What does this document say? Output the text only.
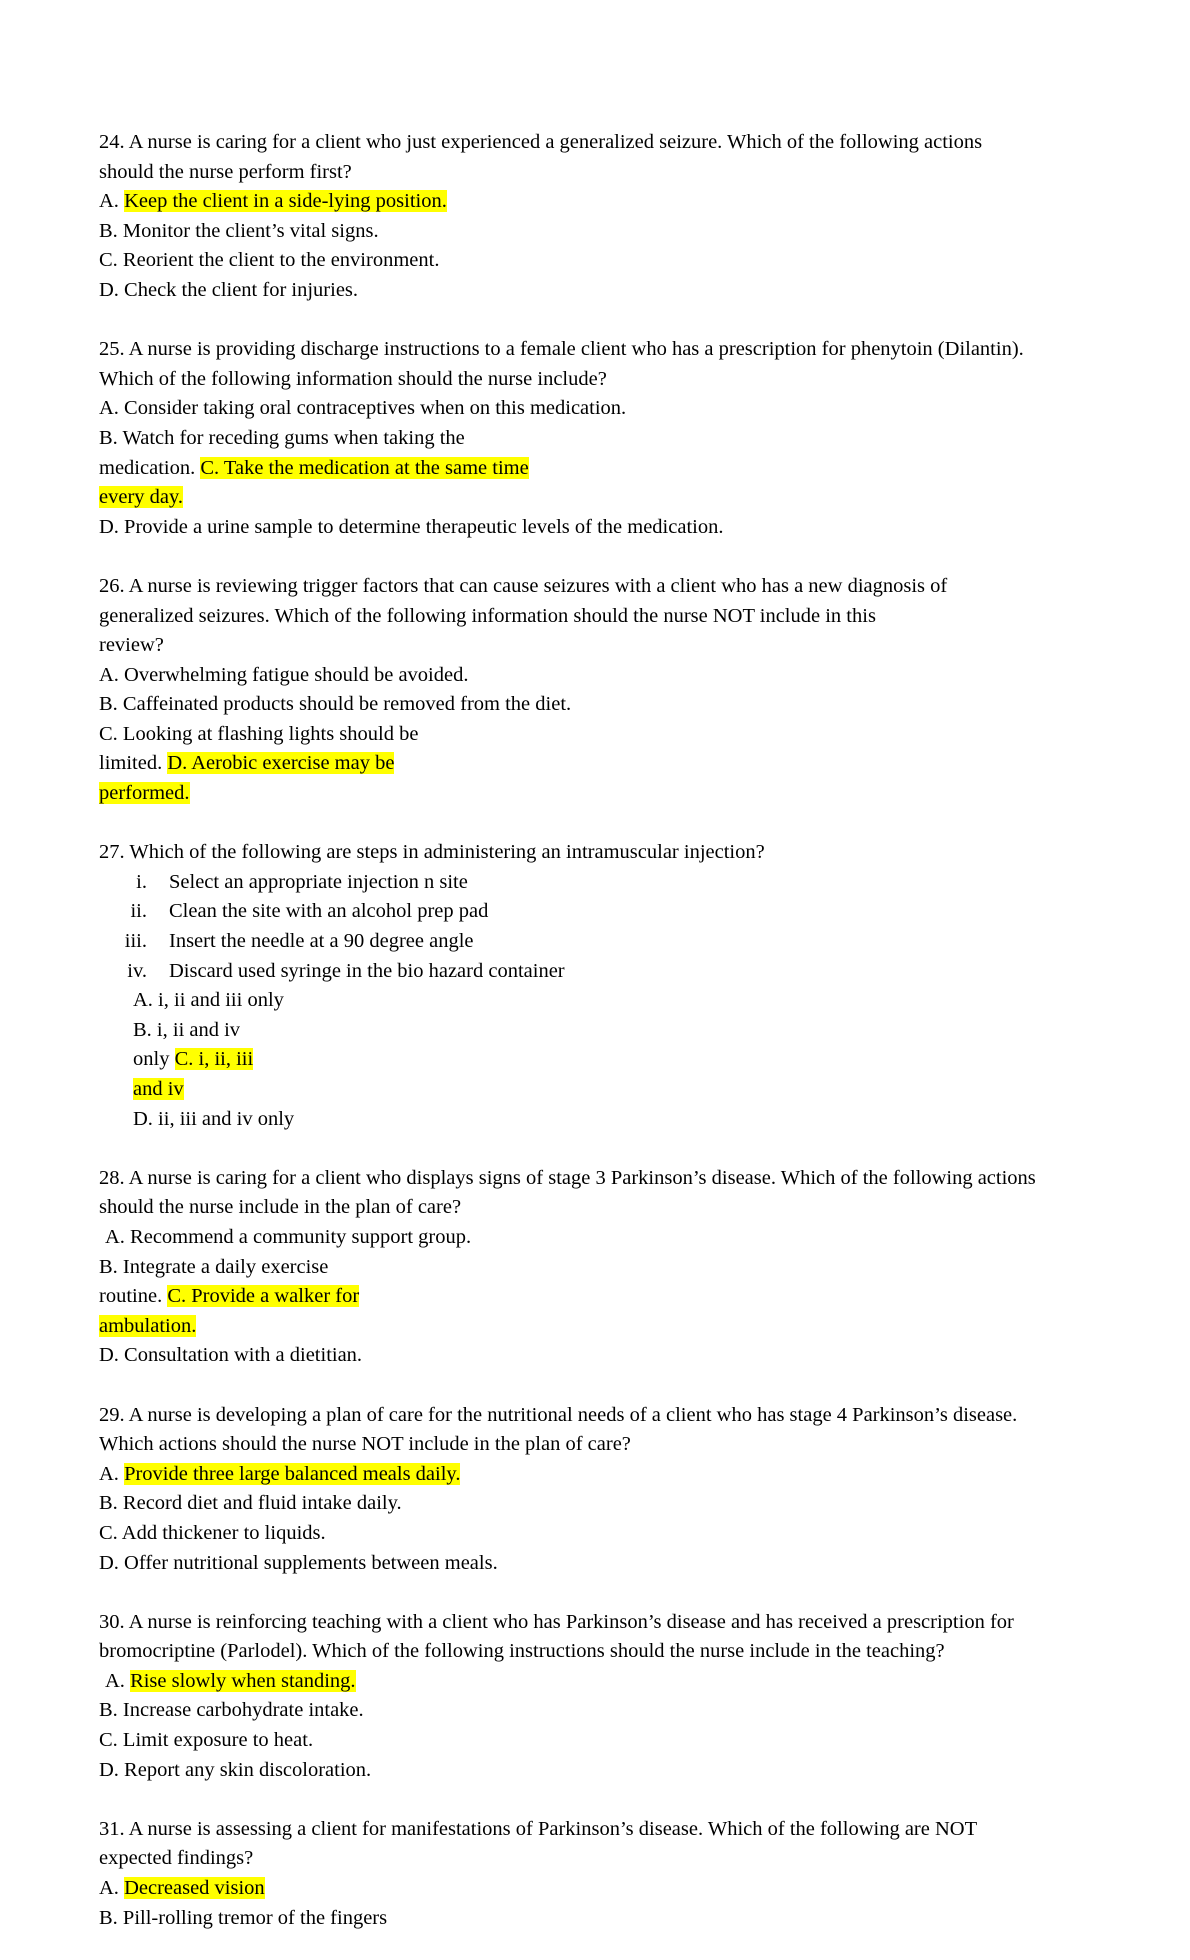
24. A nurse is caring for a client who just experienced a generalized seizure. Which of the following actions
should the nurse perform first?
A. Keep the client in a side-lying position.
B. Monitor the client’s vital signs.
C. Reorient the client to the environment.
D. Check the client for injuries.
25. A nurse is providing discharge instructions to a female client who has a prescription for phenytoin (Dilantin).
Which of the following information should the nurse include?
A. Consider taking oral contraceptives when on this medication.
B. Watch for receding gums when taking the
medication. C. Take the medication at the same time
every day.
D. Provide a urine sample to determine therapeutic levels of the medication.
26. A nurse is reviewing trigger factors that can cause seizures with a client who has a new diagnosis of
generalized seizures. Which of the following information should the nurse NOT include in this
review?
A. Overwhelming fatigue should be avoided.
B. Caffeinated products should be removed from the diet.
C. Looking at flashing lights should be
limited. D. Aerobic exercise may be
performed.
27. Which of the following are steps in administering an intramuscular injection?
i. Select an appropriate injection n site
ii. Clean the site with an alcohol prep pad
iii. Insert the needle at a 90 degree angle
iv. Discard used syringe in the bio hazard container
A. i, ii and iii only
B. i, ii and iv
only C. i, ii, iii
and iv
D. ii, iii and iv only
28. A nurse is caring for a client who displays signs of stage 3 Parkinson’s disease. Which of the following actions
should the nurse include in the plan of care?
A. Recommend a community support group.
B. Integrate a daily exercise
routine. C. Provide a walker for
ambulation.
D. Consultation with a dietitian.
29. A nurse is developing a plan of care for the nutritional needs of a client who has stage 4 Parkinson’s disease.
Which actions should the nurse NOT include in the plan of care?
A. Provide three large balanced meals daily.
B. Record diet and fluid intake daily.
C. Add thickener to liquids.
D. Offer nutritional supplements between meals.
30. A nurse is reinforcing teaching with a client who has Parkinson’s disease and has received a prescription for
bromocriptine (Parlodel). Which of the following instructions should the nurse include in the teaching?
A. Rise slowly when standing.
B. Increase carbohydrate intake.
C. Limit exposure to heat.
D. Report any skin discoloration.
31. A nurse is assessing a client for manifestations of Parkinson’s disease. Which of the following are NOT
expected findings?
A. Decreased vision
B. Pill-rolling tremor of the fingers
